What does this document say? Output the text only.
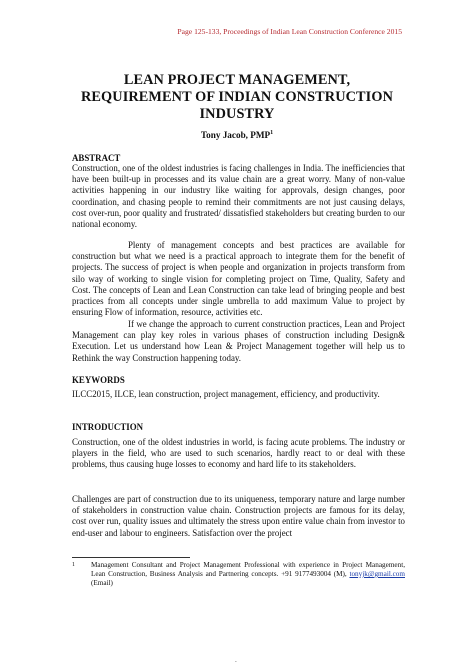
Page 125-133, Proceedings of Indian Lean Construction Conference 2015
LEAN PROJECT MANAGEMENT,
REQUIREMENT OF INDIAN CONSTRUCTION
INDUSTRY
Tony Jacob, PMP$^1$
ABSTRACT

Construction, one of the oldest industries is facing challenges in India. The inefficiencies that have been built-up in processes and its value chain are a great worry. Many of non-value activities happening in our industry like waiting for approvals, design changes, poor coordination, and chasing people to remind their commitments are not just causing delays, cost over-run, poor quality and frustrated/ dissatisfied stakeholders but creating burden to our national economy.

Plenty of management concepts and best practices are available for construction but what we need is a practical approach to integrate them for the benefit of projects. The success of project is when people and organization in projects transform from silo way of working to single vision for completing project on Time, Quality, Safety and Cost. The concepts of Lean and Lean Construction can take lead of bringing people and best practices from all concepts under single umbrella to add maximum Value to project by ensuring Flow of information, resource, activities etc.

If we change the approach to current construction practices, Lean and Project Management can play key roles in various phases of construction including Design& Execution. Let us understand how Lean & Project Management together will help us to Rethink the way Construction happening today.

KEYWORDS

ILCC2015, ILCE, lean construction, project management, efficiency, and productivity.

INTRODUCTION

Construction, one of the oldest industries in world, is facing acute problems. The industry or players in the field, who are used to such scenarios, hardly react to or deal with these problems, thus causing huge losses to economy and hard life to its stakeholders.

Challenges are part of construction due to its uniqueness, temporary nature and large number of stakeholders in construction value chain. Construction projects are famous for its delay, cost over run, quality issues and ultimately the stress upon entire value chain from investor to end-user and labour to engineers. Satisfaction over the project

1 Management Consultant and Project Management Professional with experience in Project Management, Lean Construction, Business Analysis and Partnering concepts. +91 9177493004 (M), tonyjk@gmail.com (Email)
-
